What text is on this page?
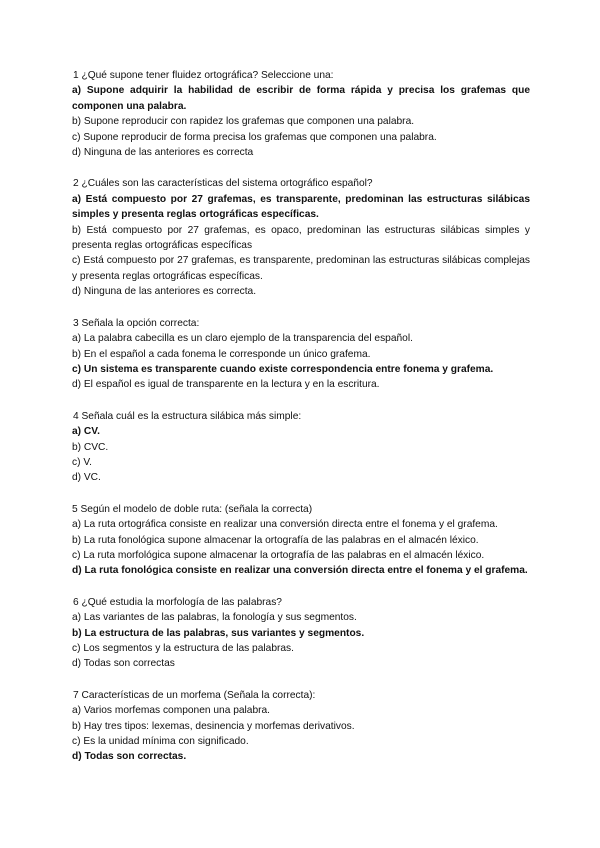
1 ¿Qué supone tener fluidez ortográfica? Seleccione una:

a) Supone adquirir la habilidad de escribir de forma rápida y precisa los grafemas que componen una palabra.

b) Supone reproducir con rapidez los grafemas que componen una palabra.

c) Supone reproducir de forma precisa los grafemas que componen una palabra.

d) Ninguna de las anteriores es correcta

2 ¿Cuáles son las características del sistema ortográfico español?

a) Está compuesto por 27 grafemas, es transparente, predominan las estructuras silábicas simples y presenta reglas ortográficas específicas.

b) Está compuesto por 27 grafemas, es opaco, predominan las estructuras silábicas simples y presenta reglas ortográficas específicas

c) Está compuesto por 27 grafemas, es transparente, predominan las estructuras silábicas complejas y presenta reglas ortográficas específicas.

d) Ninguna de las anteriores es correcta.

3 Señala la opción correcta:

a) La palabra cabecilla es un claro ejemplo de la transparencia del español.

b) En el español a cada fonema le corresponde un único grafema.

c) Un sistema es transparente cuando existe correspondencia entre fonema y grafema.

d) El español es igual de transparente en la lectura y en la escritura.

4 Señala cuál es la estructura silábica más simple:

a) CV.

b) CVC.

c) V.

d) VC.

5 Según el modelo de doble ruta: (señala la correcta)

a) La ruta ortográfica consiste en realizar una conversión directa entre el fonema y el grafema.

b) La ruta fonológica supone almacenar la ortografía de las palabras en el almacén léxico.

c) La ruta morfológica supone almacenar la ortografía de las palabras en el almacén léxico.

d) La ruta fonológica consiste en realizar una conversión directa entre el fonema y el grafema.

6 ¿Qué estudia la morfología de las palabras?

a) Las variantes de las palabras, la fonología y sus segmentos.

b) La estructura de las palabras, sus variantes y segmentos.

c) Los segmentos y la estructura de las palabras.

d) Todas son correctas

7 Características de un morfema (Señala la correcta):

a) Varios morfemas componen una palabra.

b) Hay tres tipos: lexemas, desinencia y morfemas derivativos.

c) Es la unidad mínima con significado.

d) Todas son correctas.
